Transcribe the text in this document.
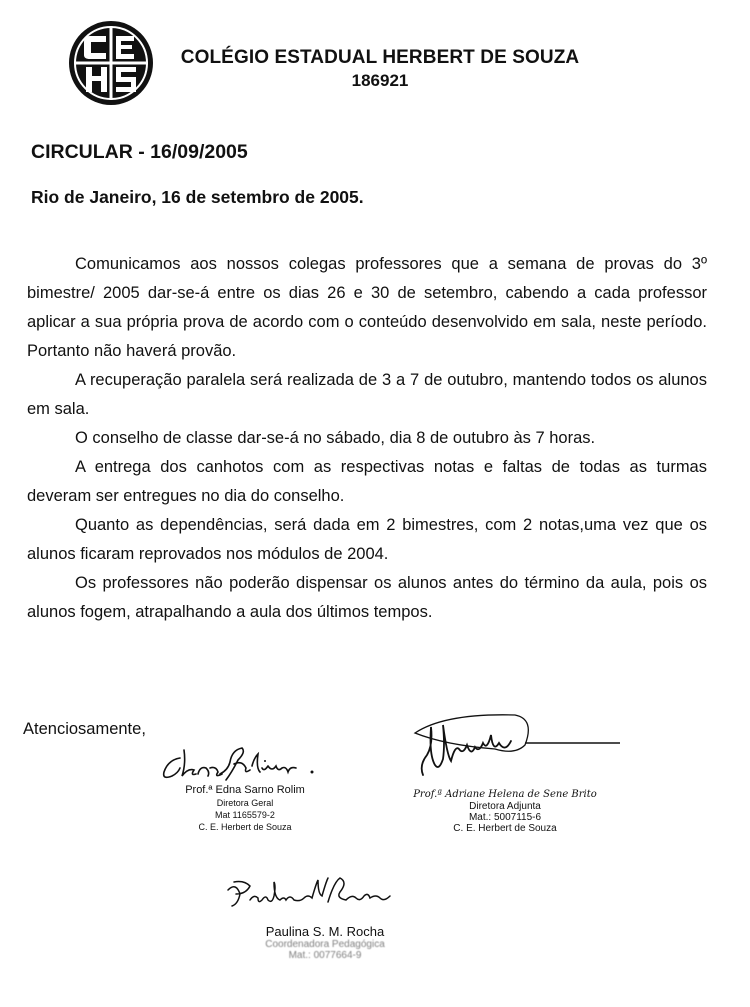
COLÉGIO ESTADUAL HERBERT DE SOUZA
186921
CIRCULAR - 16/09/2005
Rio de Janeiro, 16 de setembro de 2005.

Comunicamos aos nossos colegas professores que a semana de provas do 3º bimestre/ 2005 dar-se-á entre os dias 26 e 30 de setembro, cabendo a cada professor aplicar a sua própria prova de acordo com o conteúdo desenvolvido em sala, neste período. Portanto não haverá provão.

A recuperação paralela será realizada de 3 a 7 de outubro, mantendo todos os alunos em sala.

O conselho de classe dar-se-á no sábado, dia 8 de outubro às 7 horas.

A entrega dos canhotos com as respectivas notas e faltas de todas as turmas deveram ser entregues no dia do conselho.

Quanto as dependências, será dada em 2 bimestres, com 2 notas,uma vez que os alunos ficaram reprovados nos módulos de 2004.

Os professores não poderão dispensar os alunos antes do término da aula, pois os alunos fogem, atrapalhando a aula dos últimos tempos.

Atenciosamente,
Prof.ª Edna Sarno Rolim
Diretora Geral
Mat 1165579-2
C. E. Herbert de Souza
Prof.ª Adriane Helena de Sene Brito
Diretora Adjunta
Mat.: 5007115-6
C. E. Herbert de Souza
Paulina S. M. Rocha
Coordenadora Pedagógica
Mat.: 0077664-9
